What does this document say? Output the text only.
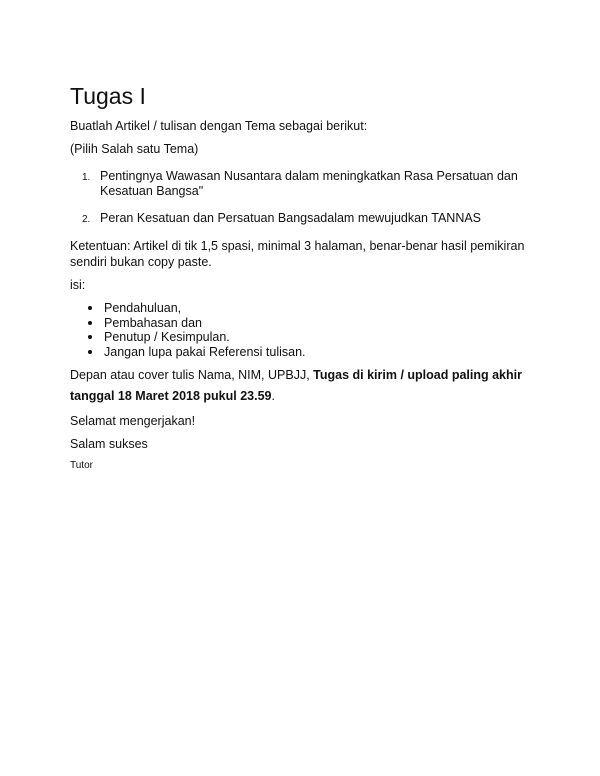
Tugas I

Buatlah Artikel / tulisan dengan Tema sebagai berikut:

(Pilih Salah satu Tema)

1. Pentingnya Wawasan Nusantara dalam meningkatkan Rasa Persatuan dan Kesatuan Bangsa"
2. Peran Kesatuan dan Persatuan Bangsadalam mewujudkan TANNAS

Ketentuan: Artikel di tik 1,5 spasi, minimal 3 halaman, benar-benar hasil pemikiran sendiri bukan copy paste.

isi:

Pendahuluan,
Pembahasan dan
Penutup / Kesimpulan.
Jangan lupa pakai Referensi tulisan.

Depan atau cover tulis Nama, NIM, UPBJJ, Tugas di kirim / upload paling akhir tanggal 18 Maret 2018 pukul 23.59.

Selamat mengerjakan!

Salam sukses

Tutor
